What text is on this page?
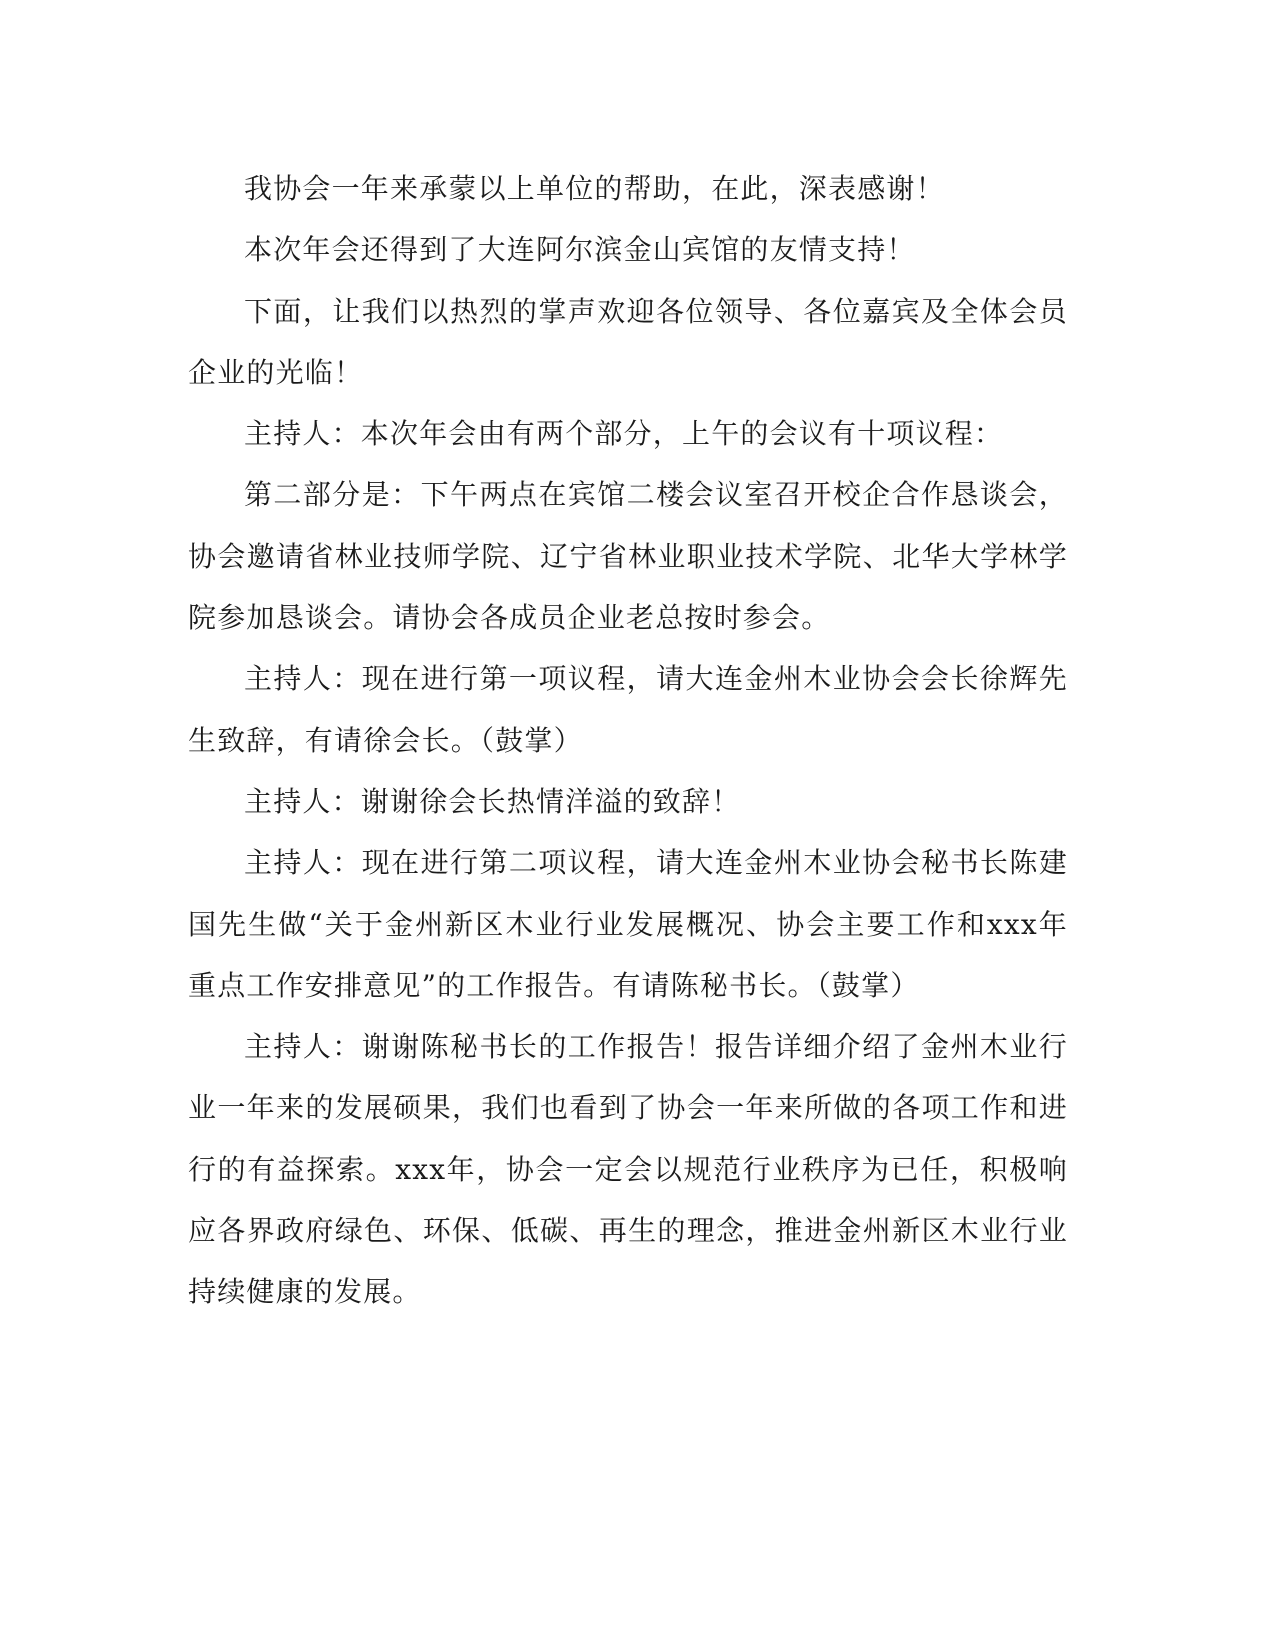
我协会一年来承蒙以上单位的帮助，在此，深表感谢！

本次年会还得到了大连阿尔滨金山宾馆的友情支持！

下面，让我们以热烈的掌声欢迎各位领导、各位嘉宾及全体会员企业的光临！

主持人：本次年会由有两个部分，上午的会议有十项议程：

第二部分是：下午两点在宾馆二楼会议室召开校企合作恳谈会，协会邀请省林业技师学院、辽宁省林业职业技术学院、北华大学林学院参加恳谈会。请协会各成员企业老总按时参会。

主持人：现在进行第一项议程，请大连金州木业协会会长徐辉先生致辞，有请徐会长。（鼓掌）

主持人：谢谢徐会长热情洋溢的致辞！

主持人：现在进行第二项议程，请大连金州木业协会秘书长陈建国先生做“关于金州新区木业行业发展概况、协会主要工作和xxx年重点工作安排意见”的工作报告。有请陈秘书长。（鼓掌）

主持人：谢谢陈秘书长的工作报告！报告详细介绍了金州木业行业一年来的发展硕果，我们也看到了协会一年来所做的各项工作和进行的有益探索。xxx年，协会一定会以规范行业秩序为已任，积极响应各界政府绿色、环保、低碳、再生的理念，推进金州新区木业行业持续健康的发展。
